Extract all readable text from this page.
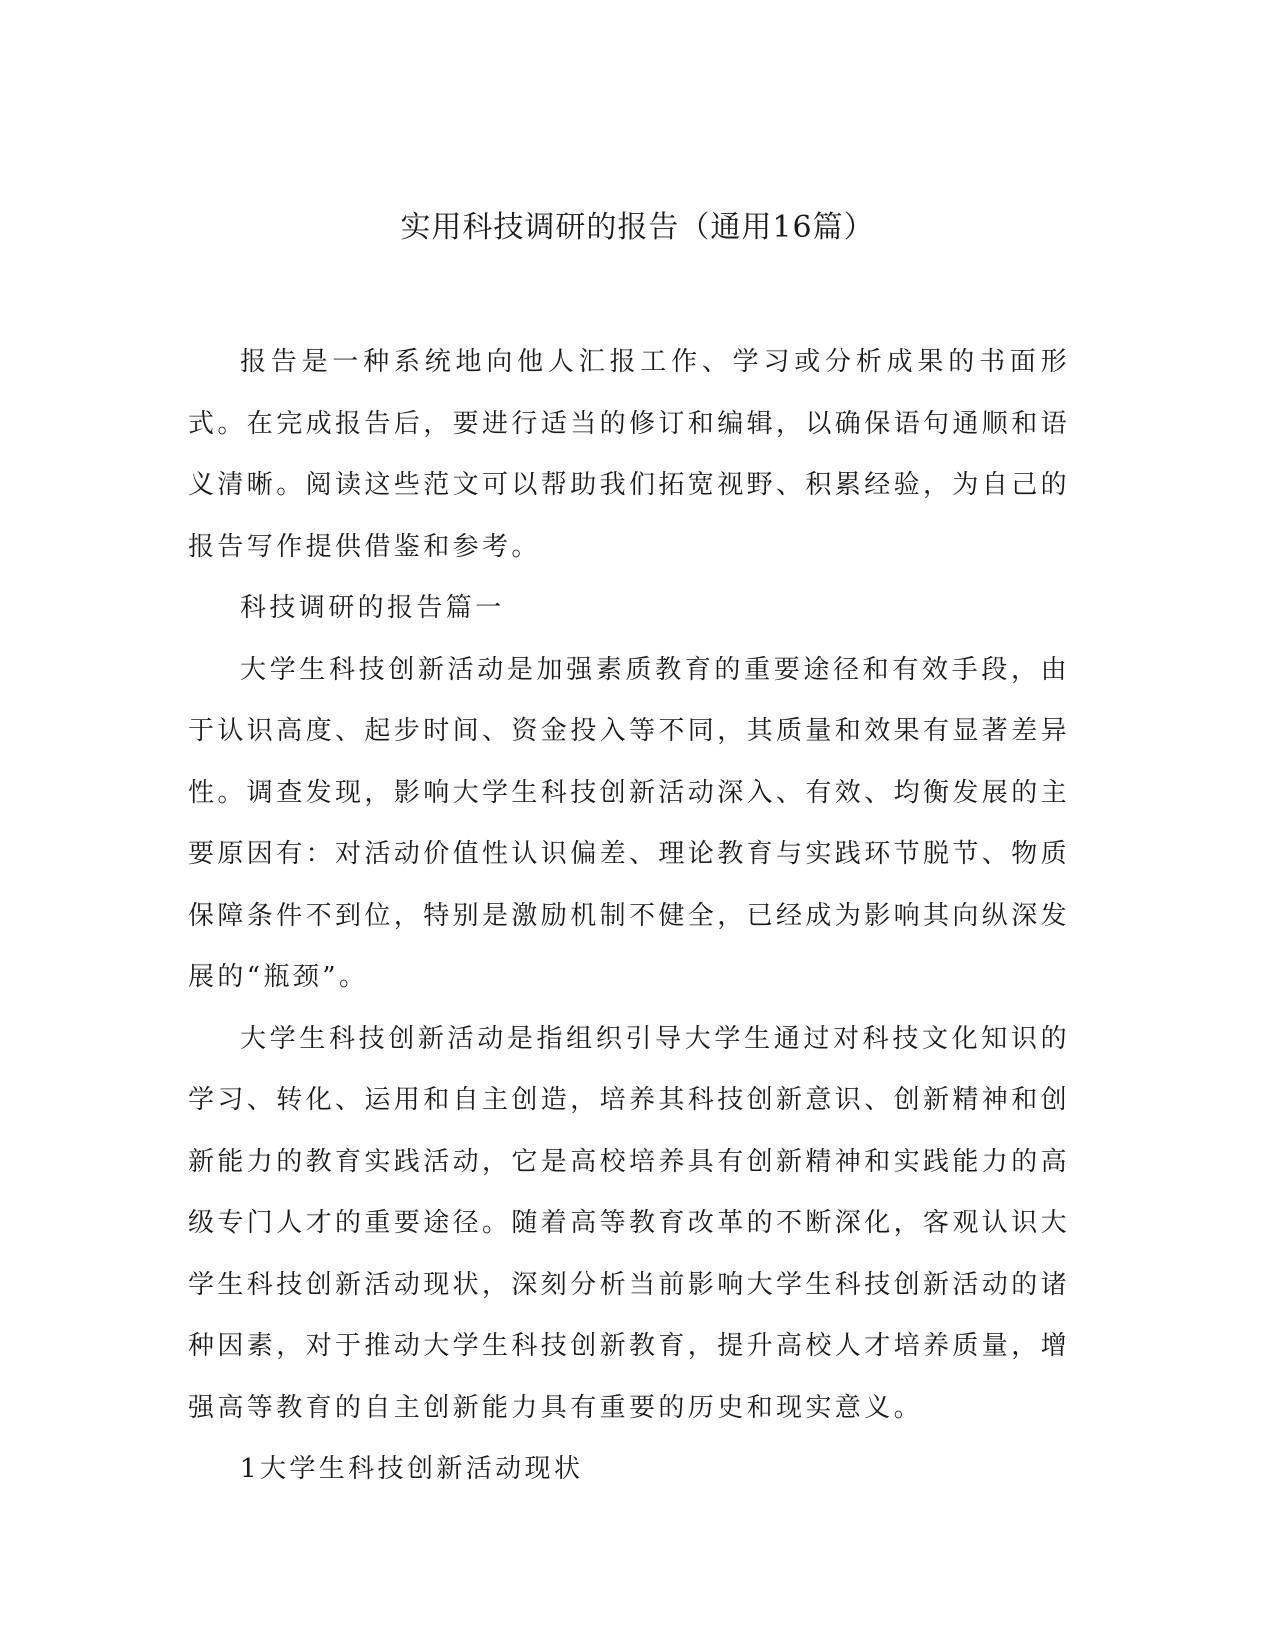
实用科技调研的报告（通用16篇）

报告是一种系统地向他人汇报工作、学习或分析成果的书面形式。在完成报告后，要进行适当的修订和编辑，以确保语句通顺和语义清晰。阅读这些范文可以帮助我们拓宽视野、积累经验，为自己的报告写作提供借鉴和参考。

科技调研的报告篇一

大学生科技创新活动是加强素质教育的重要途径和有效手段，由于认识高度、起步时间、资金投入等不同，其质量和效果有显著差异性。调查发现，影响大学生科技创新活动深入、有效、均衡发展的主要原因有：对活动价值性认识偏差、理论教育与实践环节脱节、物质保障条件不到位，特别是激励机制不健全，已经成为影响其向纵深发展的“瓶颈”。

大学生科技创新活动是指组织引导大学生通过对科技文化知识的学习、转化、运用和自主创造，培养其科技创新意识、创新精神和创新能力的教育实践活动，它是高校培养具有创新精神和实践能力的高级专门人才的重要途径。随着高等教育改革的不断深化，客观认识大学生科技创新活动现状，深刻分析当前影响大学生科技创新活动的诸种因素，对于推动大学生科技创新教育，提升高校人才培养质量，增强高等教育的自主创新能力具有重要的历史和现实意义。

1大学生科技创新活动现状
